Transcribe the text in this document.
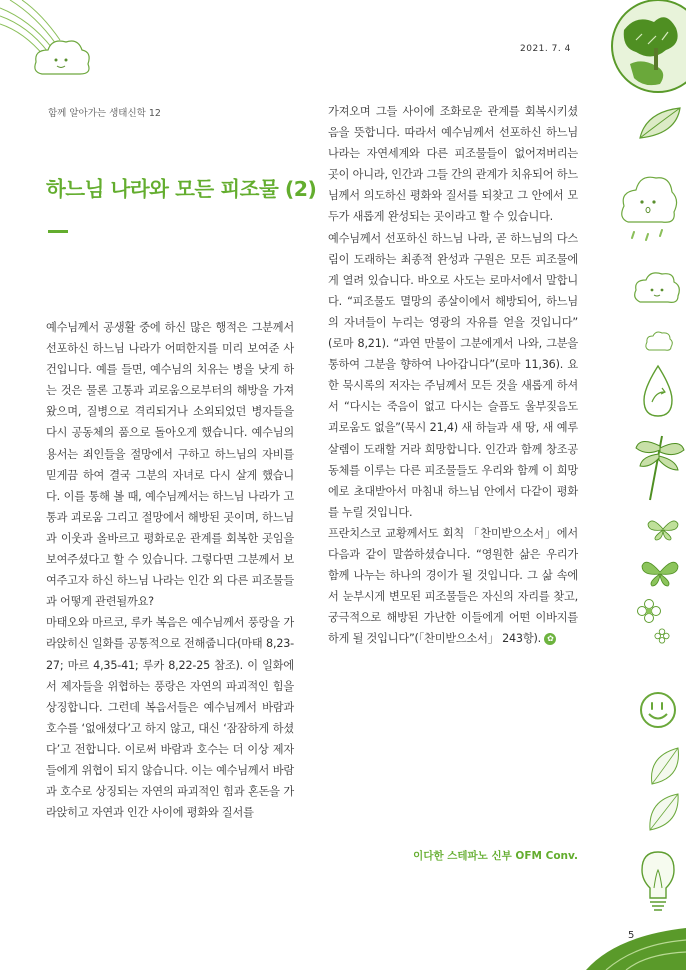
2021. 7. 4
함께 알아가는 생태신학 12
하느님 나라와 모든 피조물 (2)

예수님께서 공생활 중에 하신 많은 행적은 그분께서 선포하신 하느님 나라가 어떠한지를 미리 보여준 사건입니다. 예를 들면, 예수님의 치유는 병을 낫게 하는 것은 물론 고통과 괴로움으로부터의 해방을 가져왔으며, 질병으로 격리되거나 소외되었던 병자들을 다시 공동체의 품으로 돌아오게 했습니다. 예수님의 용서는 죄인들을 절망에서 구하고 하느님의 자비를 믿게끔 하여 결국 그분의 자녀로 다시 살게 했습니다. 이를 통해 볼 때, 예수님께서는 하느님 나라가 고통과 괴로움 그리고 절망에서 해방된 곳이며, 하느님과 이웃과 올바르고 평화로운 관계를 회복한 곳임을 보여주셨다고 할 수 있습니다. 그렇다면 그분께서 보여주고자 하신 하느님 나라는 인간 외 다른 피조물들과 어떻게 관련될까요?

마태오와 마르코, 루카 복음은 예수님께서 풍랑을 가라앉히신 일화를 공통적으로 전해줍니다(마태 8,23-27; 마르 4,35-41; 루카 8,22-25 참조). 이 일화에서 제자들을 위협하는 풍랑은 자연의 파괴적인 힘을 상징합니다. 그런데 복음서들은 예수님께서 바람과 호수를 ‘없애셨다’고 하지 않고, 대신 ‘잠잠하게 하셨다’고 전합니다. 이로써 바람과 호수는 더 이상 제자들에게 위협이 되지 않습니다. 이는 예수님께서 바람과 호수로 상징되는 자연의 파괴적인 힘과 혼돈을 가라앉히고 자연과 인간 사이에 평화와 질서를

가져오며 그들 사이에 조화로운 관계를 회복시키셨음을 뜻합니다. 따라서 예수님께서 선포하신 하느님 나라는 자연세계와 다른 피조물들이 없어져버리는 곳이 아니라, 인간과 그들 간의 관계가 치유되어 하느님께서 의도하신 평화와 질서를 되찾고 그 안에서 모두가 새롭게 완성되는 곳이라고 할 수 있습니다.

예수님께서 선포하신 하느님 나라, 곧 하느님의 다스림이 도래하는 최종적 완성과 구원은 모든 피조물에게 열려 있습니다. 바오로 사도는 로마서에서 말합니다. “피조물도 멸망의 종살이에서 해방되어, 하느님의 자녀들이 누리는 영광의 자유를 얻을 것입니다” (로마 8,21). “과연 만물이 그분에게서 나와, 그분을 통하여 그분을 향하여 나아갑니다”(로마 11,36). 요한 묵시록의 저자는 주님께서 모든 것을 새롭게 하셔서 “다시는 죽음이 없고 다시는 슬픔도 울부짖음도 괴로움도 없을”(묵시 21,4) 새 하늘과 새 땅, 새 예루살렘이 도래할 거라 희망합니다. 인간과 함께 창조공동체를 이루는 다른 피조물들도 우리와 함께 이 희망에로 초대받아서 마침내 하느님 안에서 다같이 평화를 누릴 것입니다.

프란치스코 교황께서도 회칙 「찬미받으소서」에서 다음과 같이 말씀하셨습니다. “영원한 삶은 우리가 함께 나누는 하나의 경이가 될 것입니다. 그 삶 속에서 눈부시게 변모된 피조물들은 자신의 자리를 찾고, 궁극적으로 해방된 가난한 이들에게 어떤 이바지를 하게 될 것입니다”(「찬미받으소서」 243항). ✿

이다한 스테파노 신부 OFM Conv.
5
